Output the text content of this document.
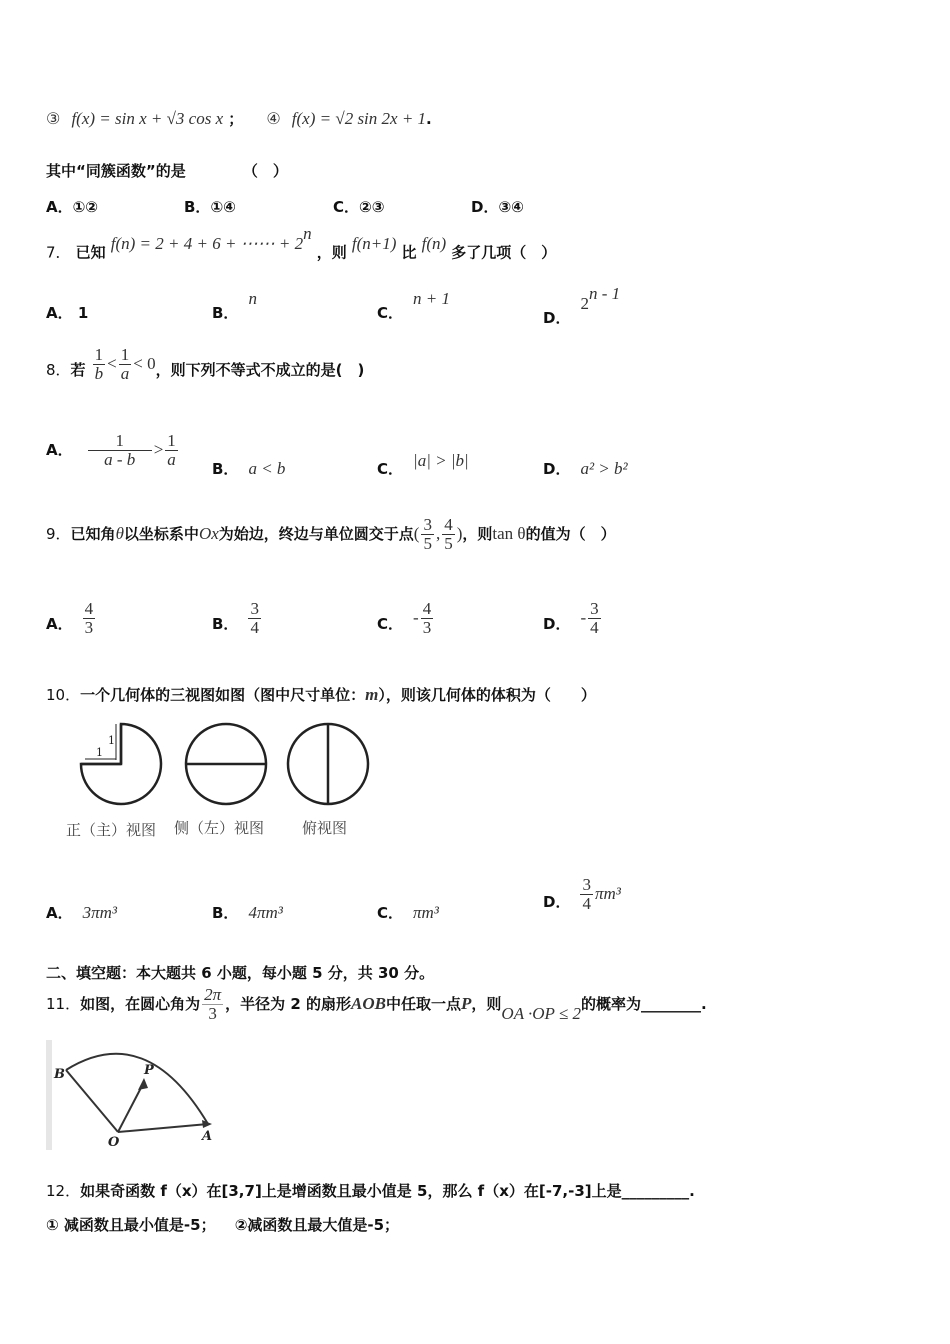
③ f(x) = sin x + √3 cos x ； ④ f(x) = √2 sin 2x + 1.
其中“同簇函数”的是	（　）
A．①②	B．①④	C．②③	D．③④
7． 已知 f(n) = 2 + 4 + 6 + ⋯⋯ + $2^n$ ，则 f(n+1) 比 f(n) 多了几项（　）
A． 1	B．n
C．n + 1
D．2$^{n - 1}$
8．若 $\frac{1}{b} < \frac{1}{a} < 0$，则下列不等式不成立的是(　)
A． $\frac{1}{a - b} > \frac{1}{a}$
B． a < b	C． |a| > |b|	D． a² > b²
9．已知角θ以坐标系中Ox为始边，终边与单位圆交于点( $\frac{3}{5}$ , $\frac{4}{5}$ )，则tan θ的值为（　）
A． $\frac{4}{3}$	B． $\frac{3}{4}$	C． - $\frac{4}{3}$	D． - $\frac{3}{4}$
10．一个几何体的三视图如图（图中尺寸单位：m），则该几何体的体积为（　　）
1
1
正（主）视图 侧（左）视图	俯视图
A． 3πm³	B． 4πm³	C． πm³
D． $\frac{3}{4} \pi m^3$
二、填空题：本大题共 6 小题，每小题 5 分，共 30 分。
11．如图，在圆心角为 $\frac{2\pi}{3}$ ，半径为 2 的扇形AOB中任取一点P，则OA ·OP ≤ 2的概率为________.
B	P
O	A
12．如果奇函数 f（x）在[3,7]上是增函数且最小值是 5，那么 f（x）在[-7,-3]上是_________.
① 减函数且最小值是-5； ②减函数且最大值是-5；
